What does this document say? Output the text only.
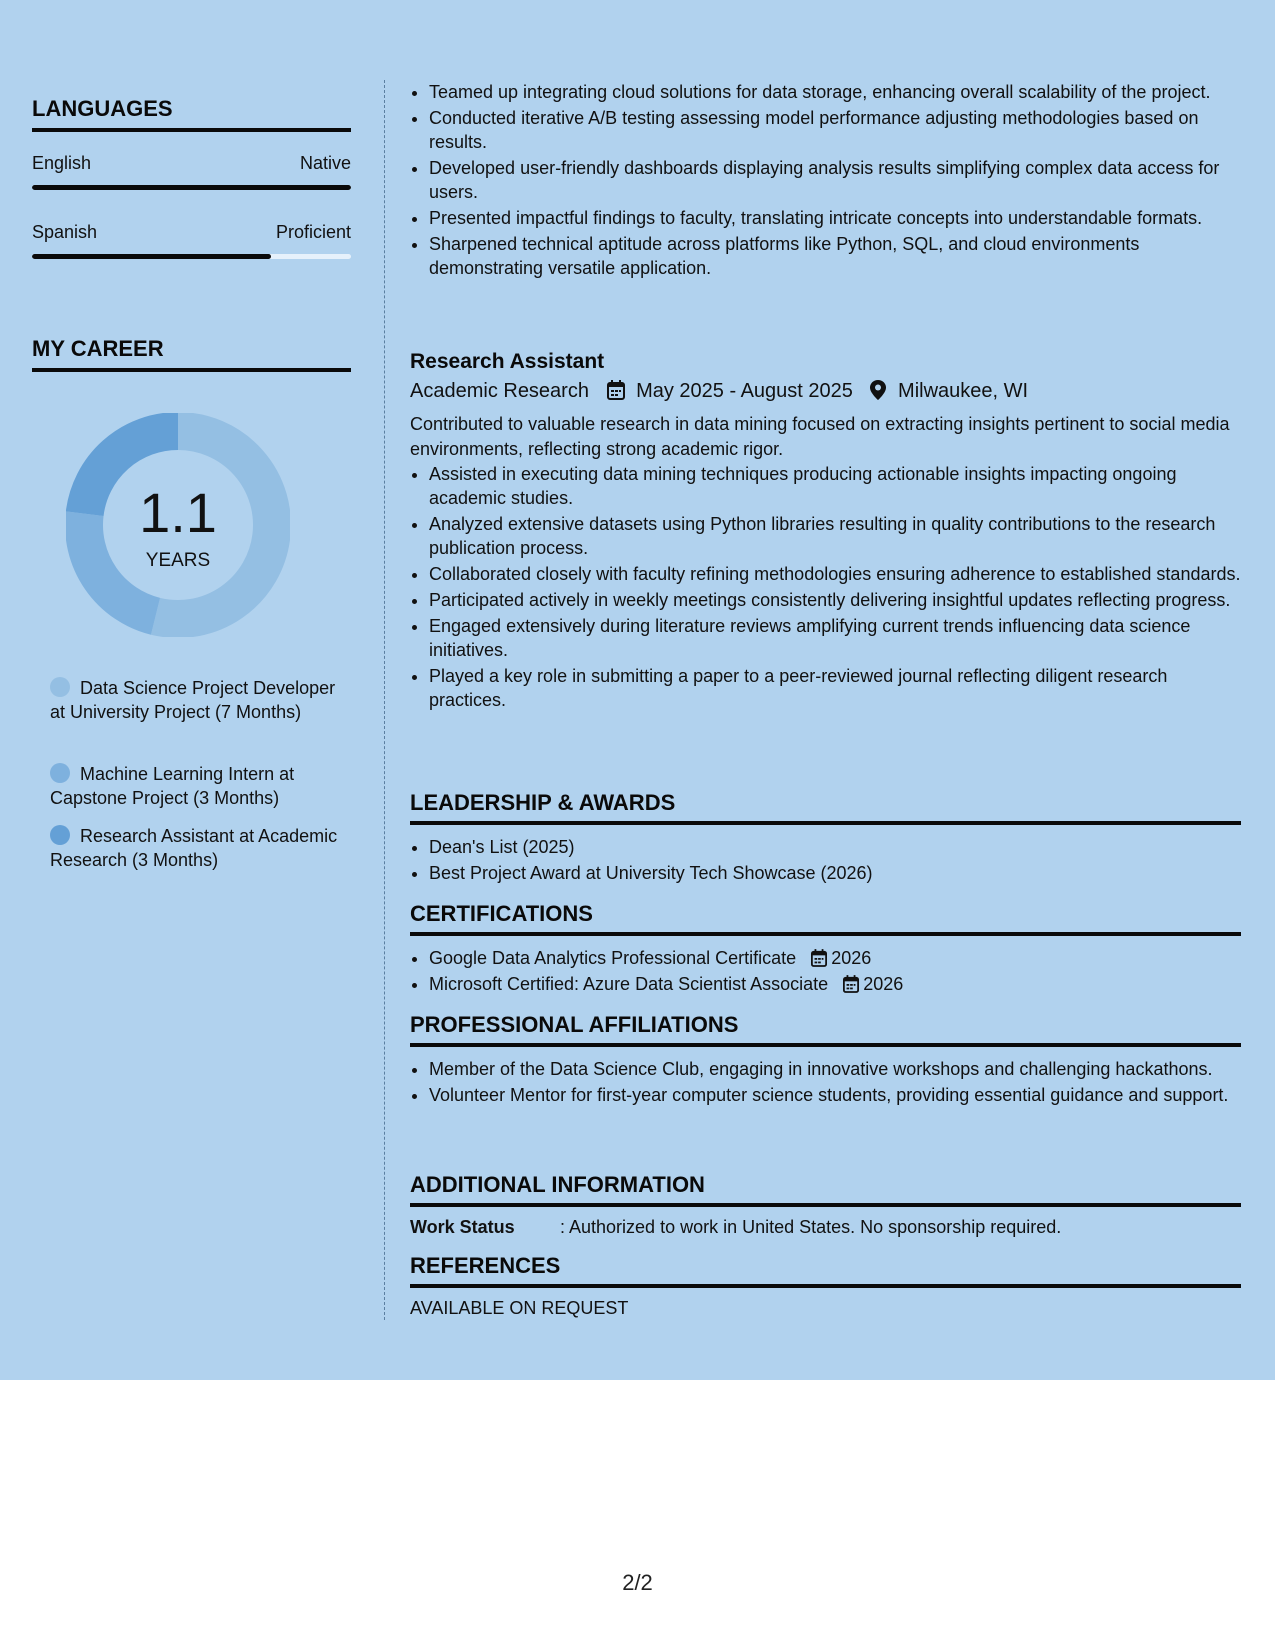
LANGUAGES
English	Native
Spanish	Proficient
MY CAREER
1.1
YEARS
Data Science Project Developer at University Project (7 Months)
Machine Learning Intern at Capstone Project (3 Months)
Research Assistant at Academic Research (3 Months)
• Teamed up integrating cloud solutions for data storage, enhancing overall scalability of the project.
• Conducted iterative A/B testing assessing model performance adjusting methodologies based on results.
• Developed user-friendly dashboards displaying analysis results simplifying complex data access for users.
• Presented impactful findings to faculty, translating intricate concepts into understandable formats.
• Sharpened technical aptitude across platforms like Python, SQL, and cloud environments demonstrating versatile application.
Research Assistant
Academic Research May 2025 - August 2025 Milwaukee, WI
Contributed to valuable research in data mining focused on extracting insights pertinent to social media environments, reflecting strong academic rigor.
• Assisted in executing data mining techniques producing actionable insights impacting ongoing academic studies.
• Analyzed extensive datasets using Python libraries resulting in quality contributions to the research publication process.
• Collaborated closely with faculty refining methodologies ensuring adherence to established standards.
• Participated actively in weekly meetings consistently delivering insightful updates reflecting progress.
• Engaged extensively during literature reviews amplifying current trends influencing data science initiatives.
• Played a key role in submitting a paper to a peer-reviewed journal reflecting diligent research practices.
LEADERSHIP & AWARDS
• Dean's List (2025)
• Best Project Award at University Tech Showcase (2026)
CERTIFICATIONS
• Google Data Analytics Professional Certificate 2026
• Microsoft Certified: Azure Data Scientist Associate 2026
PROFESSIONAL AFFILIATIONS
• Member of the Data Science Club, engaging in innovative workshops and challenging hackathons.
• Volunteer Mentor for first-year computer science students, providing essential guidance and support.
ADDITIONAL INFORMATION
Work Status	: Authorized to work in United States. No sponsorship required.
REFERENCES
AVAILABLE ON REQUEST
2/2
